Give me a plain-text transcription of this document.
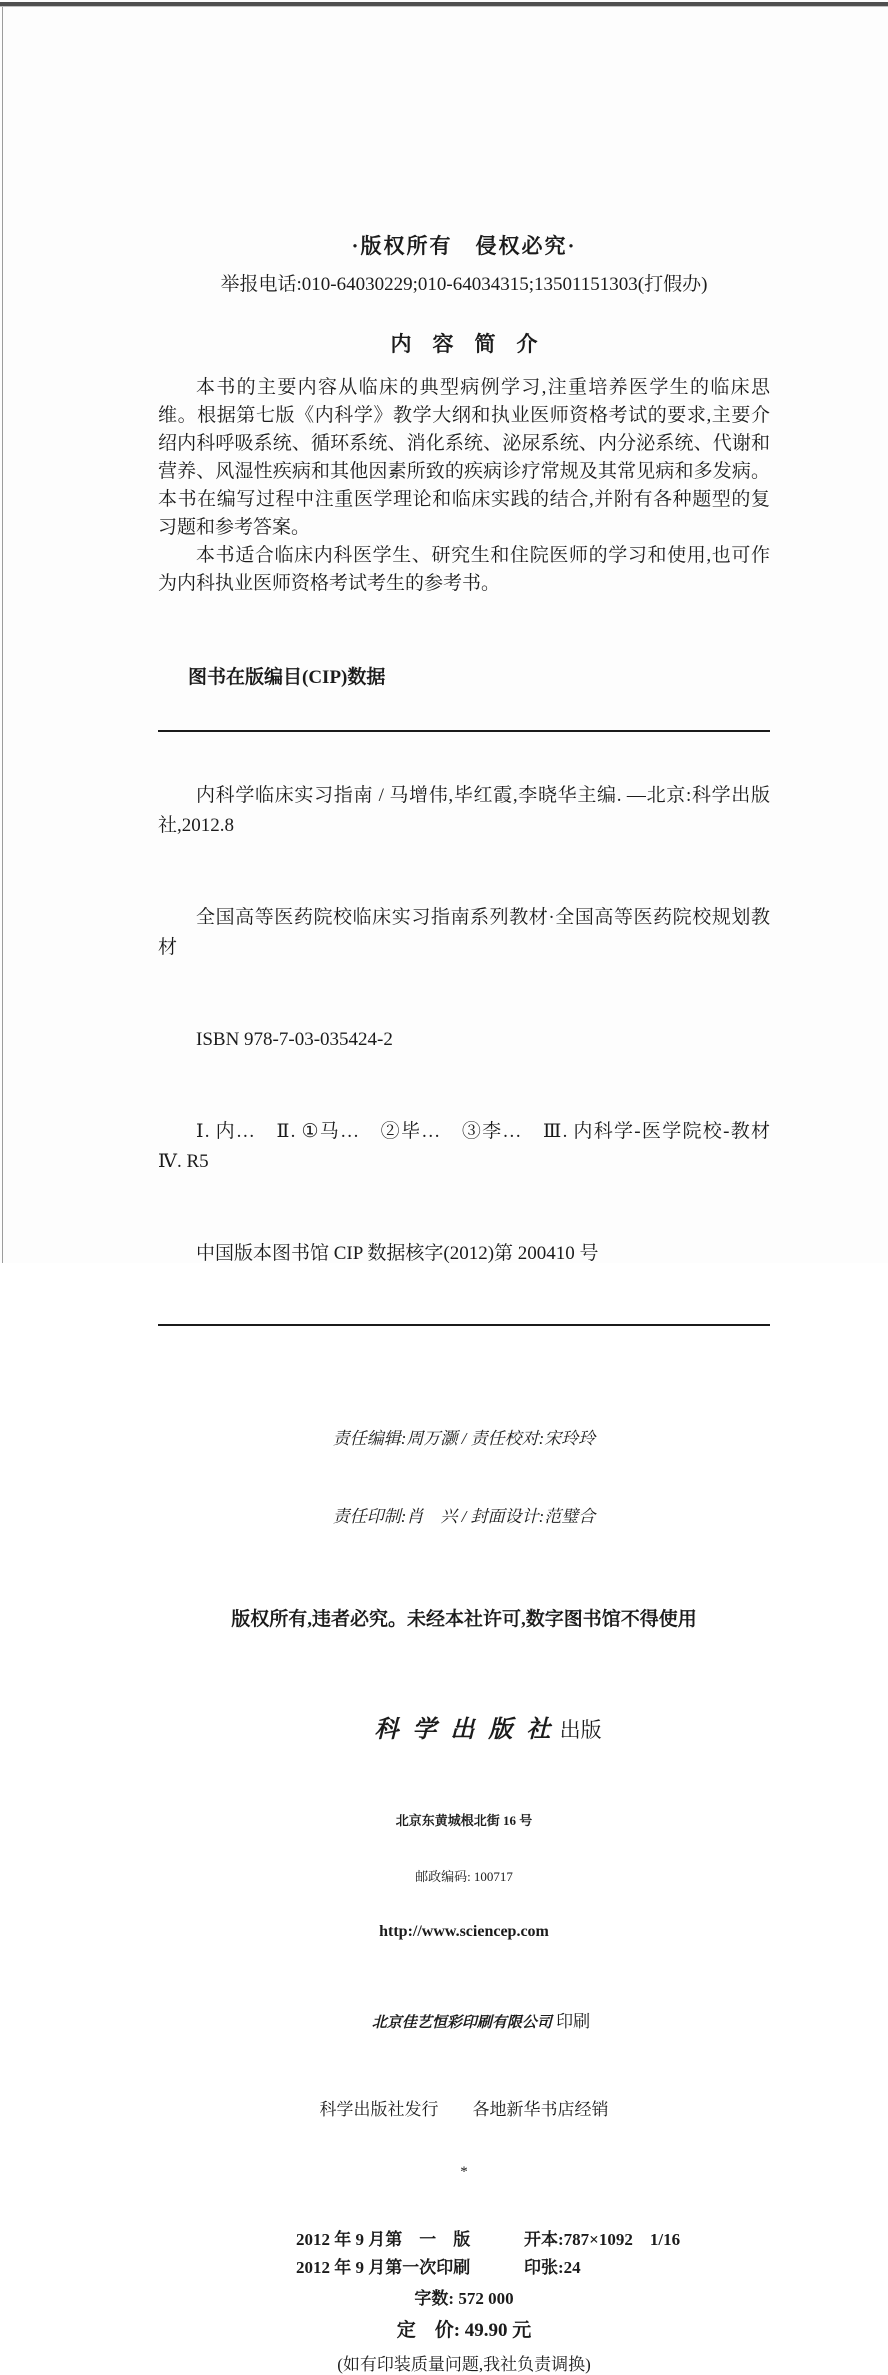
·版权所有　侵权必究·
举报电话:010-64030229;010-64034315;13501151303(打假办)
内　容　简　介

本书的主要内容从临床的典型病例学习,注重培养医学生的临床思维。根据第七版《内科学》教学大纲和执业医师资格考试的要求,主要介绍内科呼吸系统、循环系统、消化系统、泌尿系统、内分泌系统、代谢和营养、风湿性疾病和其他因素所致的疾病诊疗常规及其常见病和多发病。本书在编写过程中注重医学理论和临床实践的结合,并附有各种题型的复习题和参考答案。

本书适合临床内科医学生、研究生和住院医师的学习和使用,也可作为内科执业医师资格考试考生的参考书。

图书在版编目(CIP)数据

内科学临床实习指南 / 马增伟,毕红霞,李晓华主编. —北京:科学出版社,2012.8

全国高等医药院校临床实习指南系列教材·全国高等医药院校规划教材

ISBN 978-7-03-035424-2

Ⅰ. 内…　Ⅱ. ①马…　②毕…　③李…　Ⅲ. 内科学-医学院校-教材　Ⅳ. R5

中国版本图书馆 CIP 数据核字(2012)第 200410 号

责任编辑:周万灏 / 责任校对:宋玲玲

责任印制:肖　兴 / 封面设计:范璧合

版权所有,违者必究。未经本社许可,数字图书馆不得使用

科 学 出 版 社 出版

北京东黄城根北街 16 号

邮政编码: 100717

http://www.sciencep.com

北京佳艺恒彩印刷有限公司 印刷

科学出版社发行　　各地新华书店经销

*

2012 年 9 月第　一　版	开本:787×1092　1/16
2012 年 9 月第一次印刷	印张:24
字数: 572 000
定　价: 49.90 元
(如有印装质量问题,我社负责调换)
